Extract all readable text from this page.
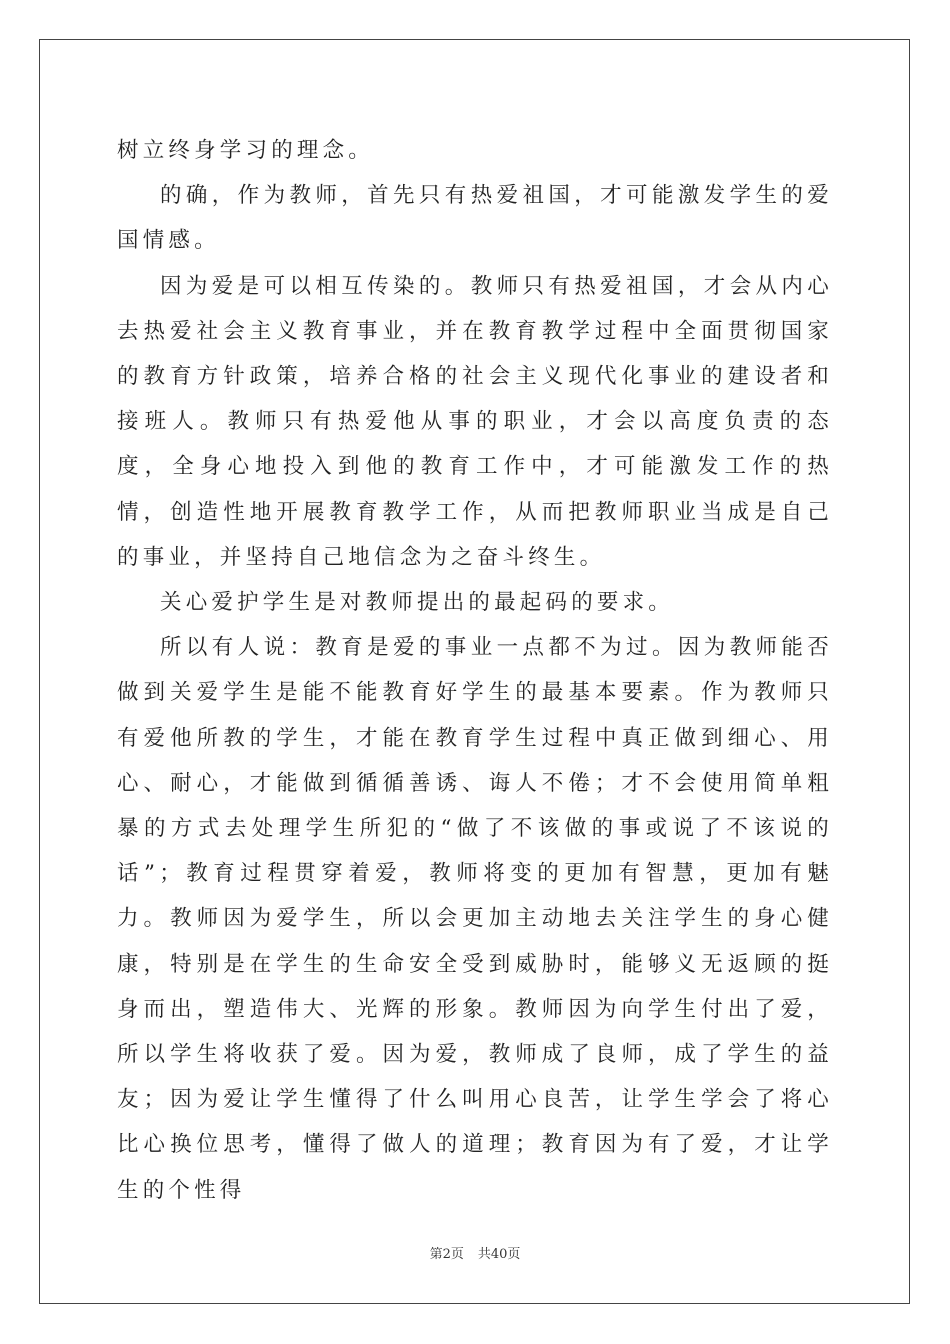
树立终身学习的理念。

的确，作为教师，首先只有热爱祖国，才可能激发学生的爱国情感。

因为爱是可以相互传染的。教师只有热爱祖国，才会从内心去热爱社会主义教育事业，并在教育教学过程中全面贯彻国家的教育方针政策，培养合格的社会主义现代化事业的建设者和接班人。教师只有热爱他从事的职业，才会以高度负责的态度，全身心地投入到他的教育工作中，才可能激发工作的热情，创造性地开展教育教学工作，从而把教师职业当成是自己的事业，并坚持自己地信念为之奋斗终生。

关心爱护学生是对教师提出的最起码的要求。

所以有人说：教育是爱的事业一点都不为过。因为教师能否做到关爱学生是能不能教育好学生的最基本要素。作为教师只有爱他所教的学生，才能在教育学生过程中真正做到细心、用心、耐心，才能做到循循善诱、诲人不倦；才不会使用简单粗暴的方式去处理学生所犯的“做了不该做的事或说了不该说的话”；教育过程贯穿着爱，教师将变的更加有智慧，更加有魅力。教师因为爱学生，所以会更加主动地去关注学生的身心健康，特别是在学生的生命安全受到威胁时，能够义无返顾的挺身而出，塑造伟大、光辉的形象。教师因为向学生付出了爱，所以学生将收获了爱。因为爱，教师成了良师，成了学生的益友；因为爱让学生懂得了什么叫用心良苦，让学生学会了将心比心换位思考，懂得了做人的道理；教育因为有了爱，才让学生的个性得

第2页 共40页
